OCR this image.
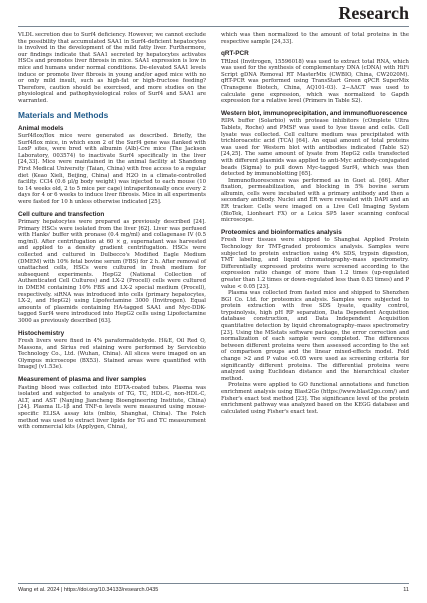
Research

VLDL secretion due to Surf4 deficiency. However, we cannot exclude the possibility that accumulated SAA1 in Surf4-deficient hepatocytes is involved in the development of the mild fatty liver. Furthermore, our findings indicate that SAA1 secreted by hepatocytes activates HSCs and promotes liver fibrosis in mice. SAA1 expression is low in mice and humans under normal conditions. De-elevated SAA1 levels induce or promote liver fibrosis in young and/or aged mice with no or only mild insult, such as high-fat or high-fructose feeding? Therefore, caution should be exercised, and more studies on the physiological and pathophysiological roles of Surf4 and SAA1 are warranted.

Materials and Methods
Animal models

Surf4flox/flox mice were generated as described. Briefly, the Surf4flox mice, in which exon 2 of the Surf4 gene was flanked with LoxP sites, were bred with albumin (Alb)-Cre mice (The Jackson Laboratory, 003574) to inactivate Surf4 specifically in the liver [24,33]. Mice were maintained in the animal facility at Shandong First Medical University (Taian, China) with free access to a regular diet (Keao Xieli, Beijing, China) and H2O in a climate-controlled facility. CCl4 (0.6 µl/g body weight) was injected to each mouse (10 to 14 weeks old, 2 to 5 mice per cage) intraperitoneally once every 2 days for 4 or 6 weeks to induce liver fibrosis. Mice in all experiments were fasted for 10 h unless otherwise indicated [25].

Cell culture and transfection

Primary hepatocytes were prepared as previously described [24]. Primary HSCs were isolated from the liver [62]. Liver was perfused with Hanks' buffer with pronase (0.4 mg/ml) and collagenase IV (0.5 mg/ml). After centrifugation at 60 × g, supernatant was harvested and applied to a density gradient centrifugation. HSCs were collected and cultured in Dulbecco's Modified Eagle Medium (DMEM) with 10% fetal bovine serum (FBS) for 2 h. After removal of unattached cells, HSCs were cultured in fresh medium for subsequent experiments. HepG2 (National Collection of Authenticated Cell Cultures) and LX-2 (Procell) cells were cultured in DMEM containing 10% FBS and LX-2 special medium (Procell), respectively. siRNA was introduced into cells (primary hepatocytes, LX-2, and HepG2) using Lipofectamine 3000 (Invitrogen). Equal amounts of plasmids containing HA-tagged SAA1 and Myc-DDK-tagged Surf4 were introduced into HepG2 cells using Lipofectamine 3000 as previously described [63].

Histochemistry

Fresh livers were fixed in 4% paraformaldehyde. H&E, Oil Red O, Massons, and Sirius red staining were performed by Servicebio Technology Co., Ltd. (Wuhan, China). All slices were imaged on an Olympus microscope (BX53). Stained areas were quantified with ImageJ (v1.53e).

Measurement of plasma and liver samples

Fasting blood was collected into EDTA-coated tubes. Plasma was isolated and subjected to analysis of TG, TC, HDL-C, non-HDL-C, ALT, and AST (Nanjing Jiancheng Bioengineering Institute, China) [24]. Plasma IL-1β and TNF-α levels were measured using mouse-specific ELISA assay kits (mlbio, Shanghai, China). The Folch method was used to extract liver lipids for TG and TC measurement with commercial kits (Applygen, China),

which was then normalized to the amount of total proteins in the respective sample [24,33].

qRT-PCR

TRIzol (Invitrogen, 15596018) was used to extract total RNA, which was used for the synthesis of complementary DNA (cDNA) with HiFi Script gDNA Removal RT MasterMix (CWBIO, China, CW2020M). qRT-PCR was performed using TransStart Green qPCR SuperMix (Transgene Biotech, China, AQ101-03). 2−ΔΔCT was used to calculate gene expression, which was normalized to Gapdh expression for a relative level (Primers in Table S2).

Western blot, immunoprecipitation, and immunofluorescence

RIPA buffer (Solarbio) with protease inhibitors (cOmplete Ultra Tablets, Roche) and PMSF was used to lyse tissue and cells. Cell lysate was collected. Cell culture medium was precipitated with trichloroacetic acid (TCA) [64]. An equal amount of total proteins was used for Western blot with antibodies indicated (Table S2) [24,25]. The same amount of lysate from HepG2 cells transfected with different plasmids was applied to anti-Myc antibody-conjugated beads (Sigma) to pull down Myc-tagged Surf4, which was then detected by immunoblotting [65].

Immunofluorescence was performed as in Guet al. [66]. After fixation, permeabilization, and blocking in 5% bovine serum albumin, cells were incubated with a primary antibody and then a secondary antibody. Nuclei and ER were revealed with DAPI and an ER tracker. Cells were imaged on a Live Cell Imaging System (BioTek, Lionheart FX) or a Leica SP5 laser scanning confocal microscope.

Proteomics and bioinformatics analysis

Fresh liver tissues were shipped to Shanghai Applied Protein Technology for TMT-graded proteomics analysis. Samples were subjected to protein extraction using 4% SDS, trypsin digestion, TMT labeling, and liquid chromatography–mass spectrometry. Differentially expressed proteins were screened according to the expression ratio change of more than 1.2 times (up-regulated greater than 1.2 times or down-regulated less than 0.83 times) and P value < 0.05 [23].

Plasma was collected from fasted mice and shipped to Shenzhen BGI Co. Ltd. for proteomics analysis. Samples were subjected to protein extraction with free SDS lysate, quality control, trypsinolysis, high pH RP separation, Data Dependent Acquisition database construction, and Data Independent Acquisition quantitative detection by liquid chromatography–mass spectrometry [23]. Using the MSstats software package, the error correction and normalization of each sample were completed. The differences between different proteins were then assessed according to the set of comparison groups and the linear mixed-effects model. Fold change >2 and P value <0.05 were used as screening criteria for significantly different proteins. The differential proteins were analyzed using Euclidean distance and the hierarchical cluster method.

Proteins were applied to GO functional annotations and function enrichment analysis using Blast2Go (https://www.blast2go.com/) and Fisher's exact test method [23]. The significance level of the protein enrichment pathway was analyzed based on the KEGG database and calculated using Fisher's exact test.

Wang et al. 2024 | https://doi.org/10.34133/research.0435	11
